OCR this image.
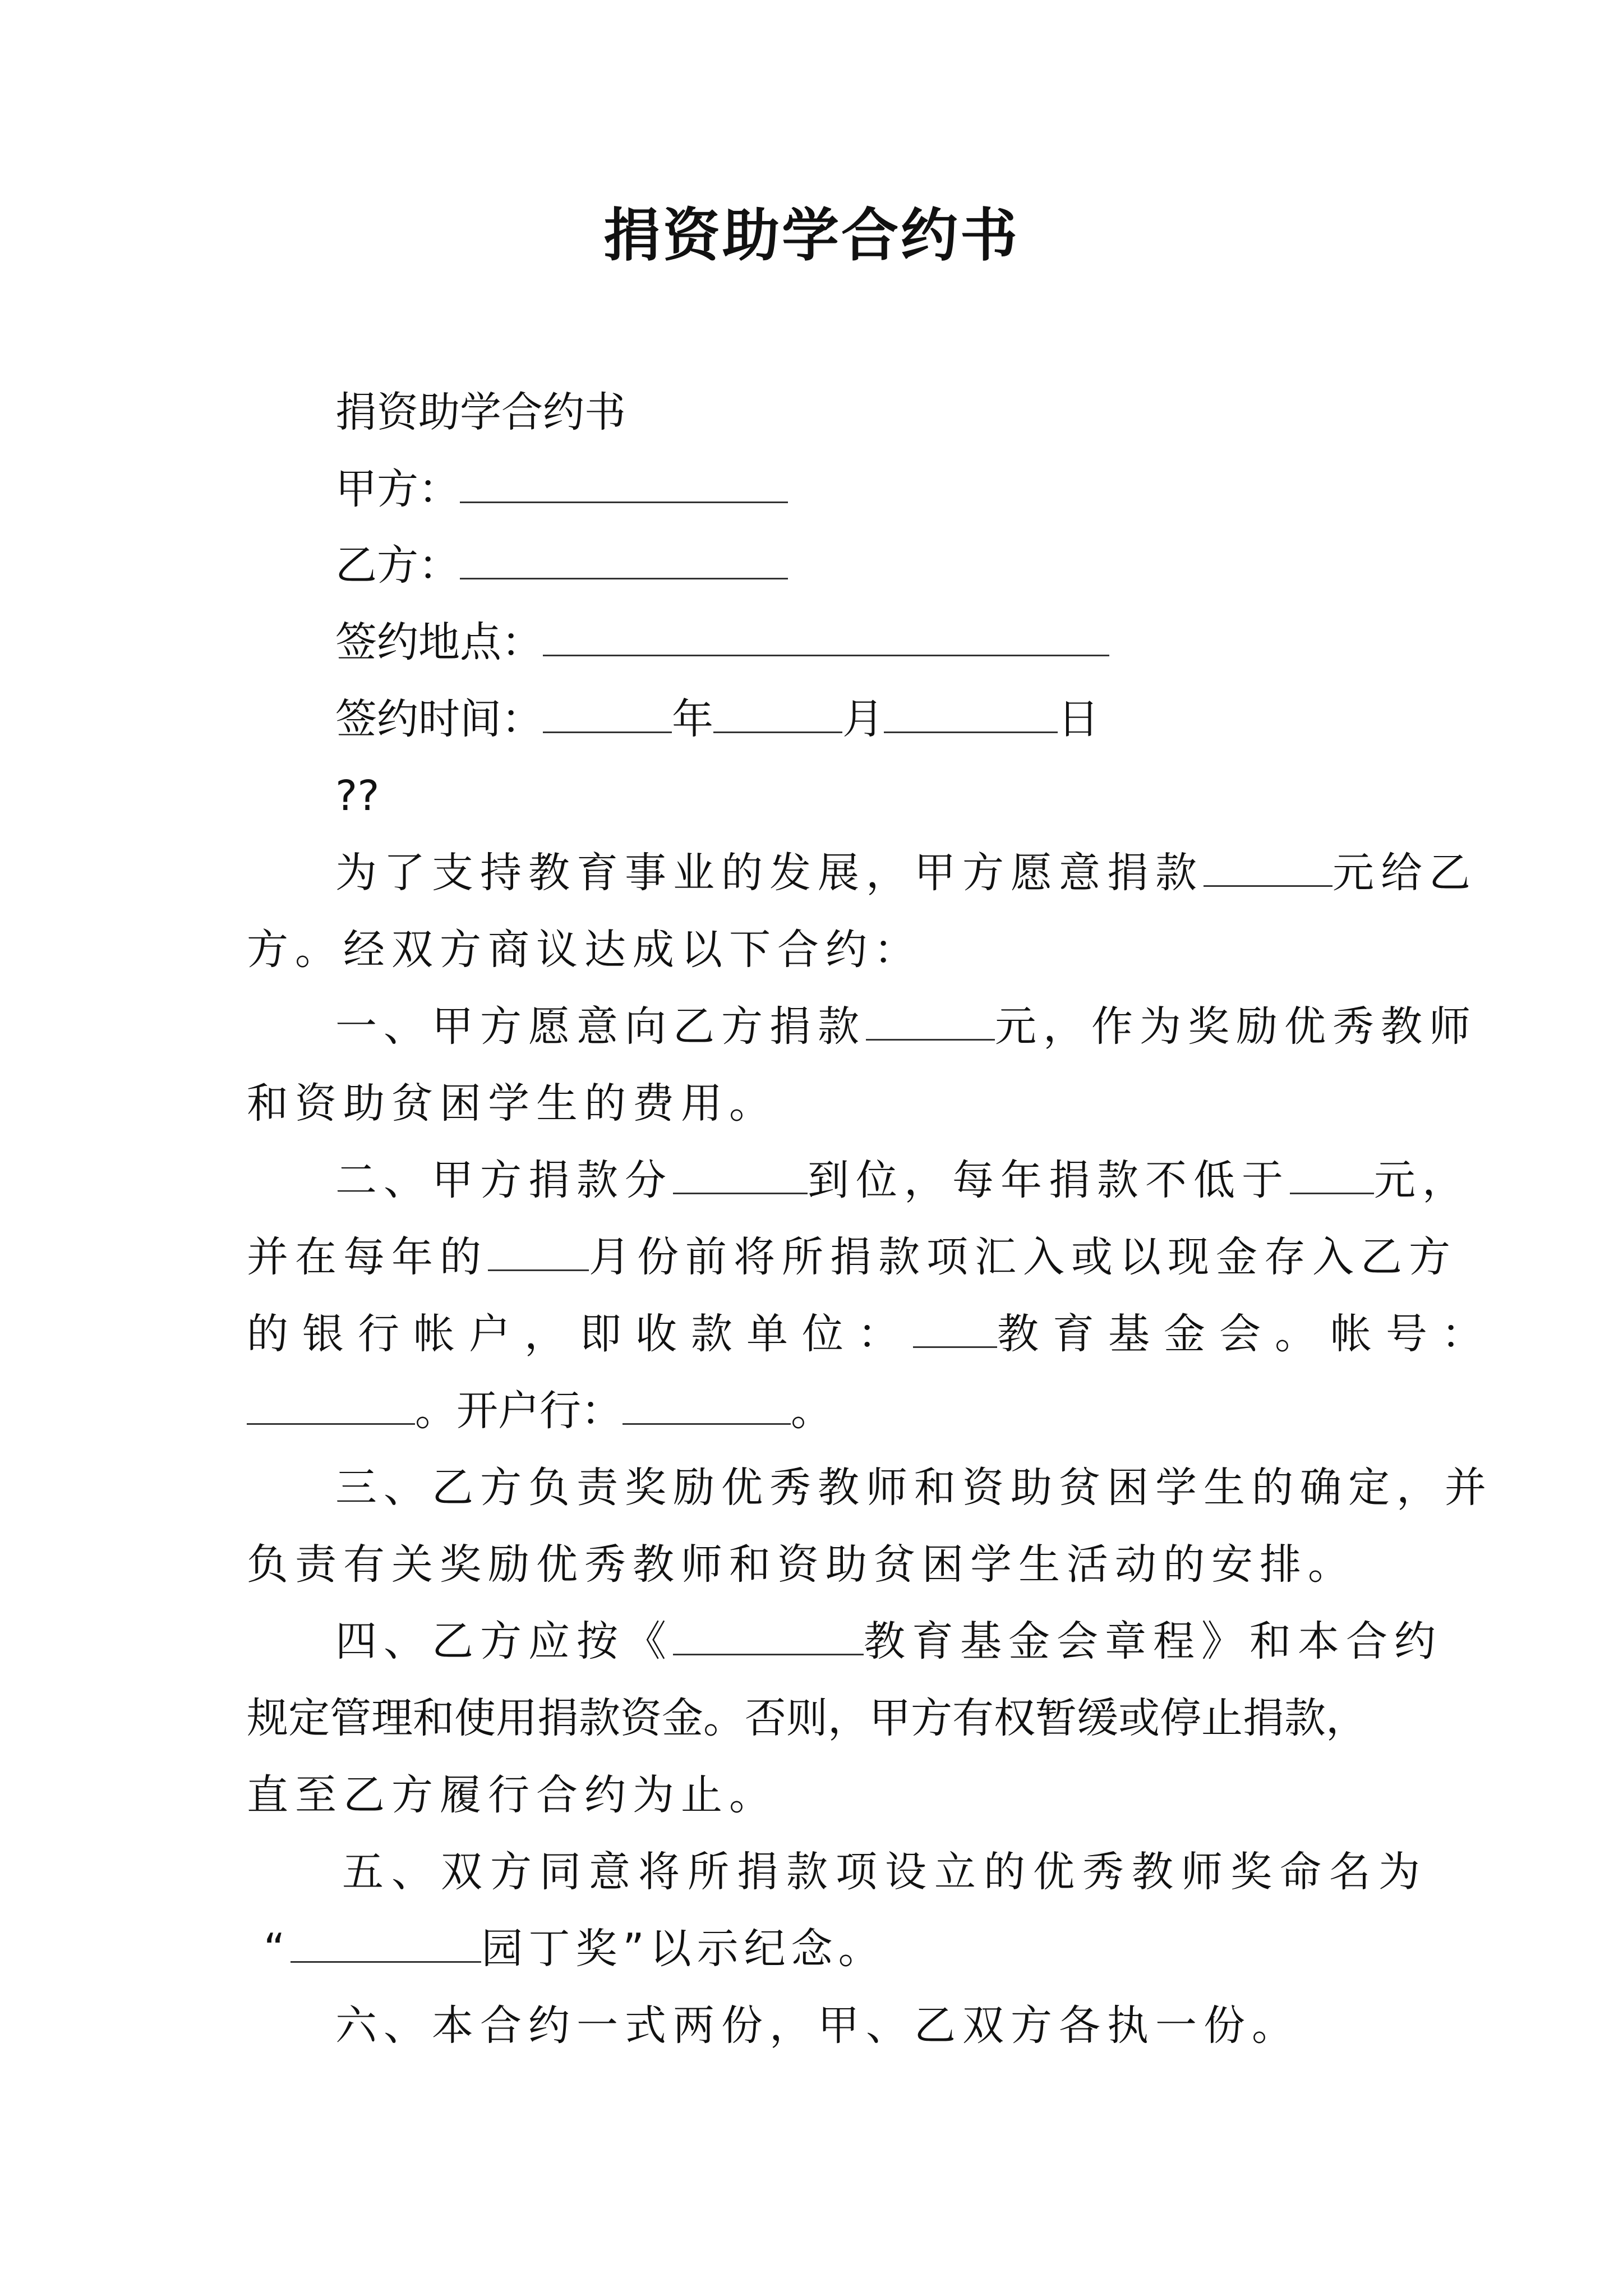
捐资助学合约书
捐资助学合约书
甲方：
乙方：
签约地点：
签约时间：	年	月	日
??
为了支持教育事业的发展，甲方愿意捐款	元给乙
方。经双方商议达成以下合约：
一、甲方愿意向乙方捐款	元，作为奖励优秀教师
和资助贫困学生的费用。
二、甲方捐款分	到位，每年捐款不低于 元，
并在每年的 月份前将所捐款项汇入或以现金存入乙方
的银行帐户，即收款单位： 教育基金会。帐号：
。开户行：	。
三、乙方负责奖励优秀教师和资助贫困学生的确定，并
负责有关奖励优秀教师和资助贫困学生活动的安排。
四、乙方应按《	教育基金会章程》和本合约
规定管理和使用捐款资金。否则，甲方有权暂缓或停止捐款，
直至乙方履行合约为止。
五、双方同意将所捐款项设立的优秀教师奖命名为
“	园丁奖”以示纪念。
六、本合约一式两份，甲、乙双方各执一份。
